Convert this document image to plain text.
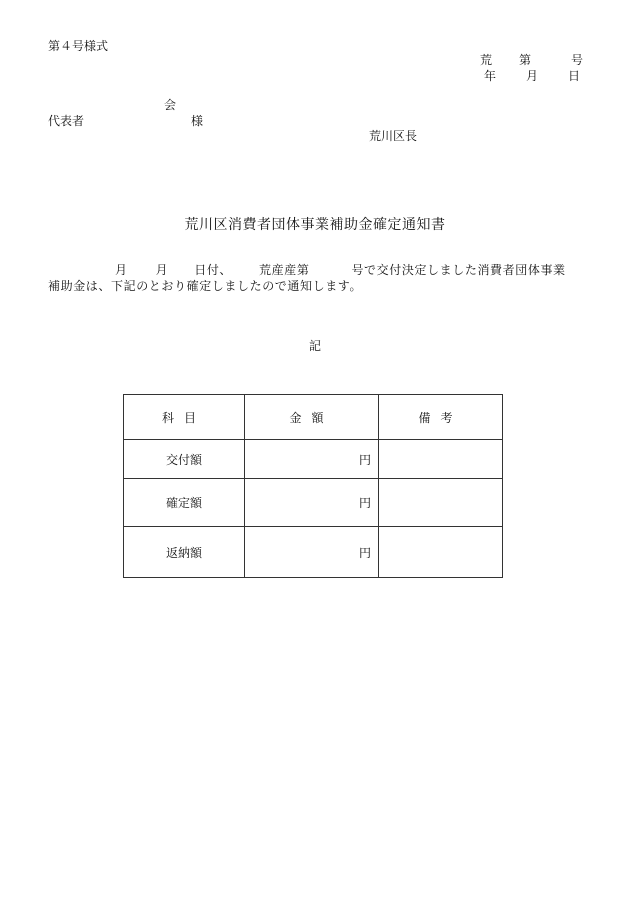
第４号様式
荒 第	号
年	月	日
会
代表者	様
荒川区長
荒川区消費者団体事業補助金確定通知書
月 月 日付、 荒産産第	号で交付決定しました消費者団体事業
補助金は、下記のとおり確定しましたので通知します。
記
科目	金額	備考
交付額	円	
確定額	円	
返納額	円	
